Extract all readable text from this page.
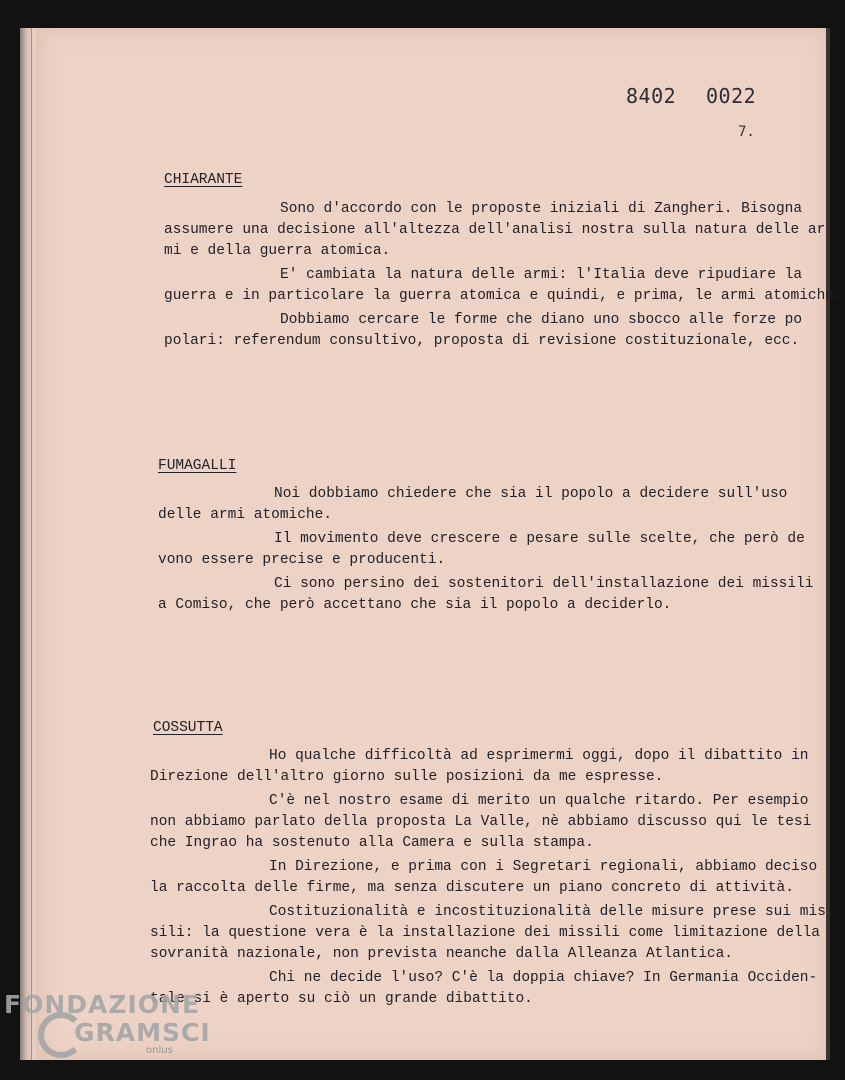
8402 0022
7.
CHIARANTE
Sono d'accordo con le proposte iniziali di Zangheri. Bisogna
assumere una decisione all'altezza dell'analisi nostra sulla natura delle ar
mi e della guerra atomica.
E' cambiata la natura delle armi: l'Italia deve ripudiare la
guerra e in particolare la guerra atomica e quindi, e prima, le armi atomiche.
Dobbiamo cercare le forme che diano uno sbocco alle forze po
polari: referendum consultivo, proposta di revisione costituzionale, ecc.
FUMAGALLI
Noi dobbiamo chiedere che sia il popolo a decidere sull'uso
delle armi atomiche.
Il movimento deve crescere e pesare sulle scelte, che però de
vono essere precise e producenti.
Ci sono persino dei sostenitori dell'installazione dei missili
a Comiso, che però accettano che sia il popolo a deciderlo.
COSSUTTA
Ho qualche difficoltà ad esprimermi oggi, dopo il dibattito in
Direzione dell'altro giorno sulle posizioni da me espresse.
C'è nel nostro esame di merito un qualche ritardo. Per esempio
non abbiamo parlato della proposta La Valle, nè abbiamo discusso qui le tesi
che Ingrao ha sostenuto alla Camera e sulla stampa.
In Direzione, e prima con i Segretari regionali, abbiamo deciso
la raccolta delle firme, ma senza discutere un piano concreto di attività.
Costituzionalità e incostituzionalità delle misure prese sui mis
sili: la questione vera è la installazione dei missili come limitazione della
sovranità nazionale, non prevista neanche dalla Alleanza Atlantica.
Chi ne decide l'uso? C'è la doppia chiave? In Germania Occiden-
tale si è aperto su ciò un grande dibattito.
FONDAZIONE
GRAMSCI
onlus
